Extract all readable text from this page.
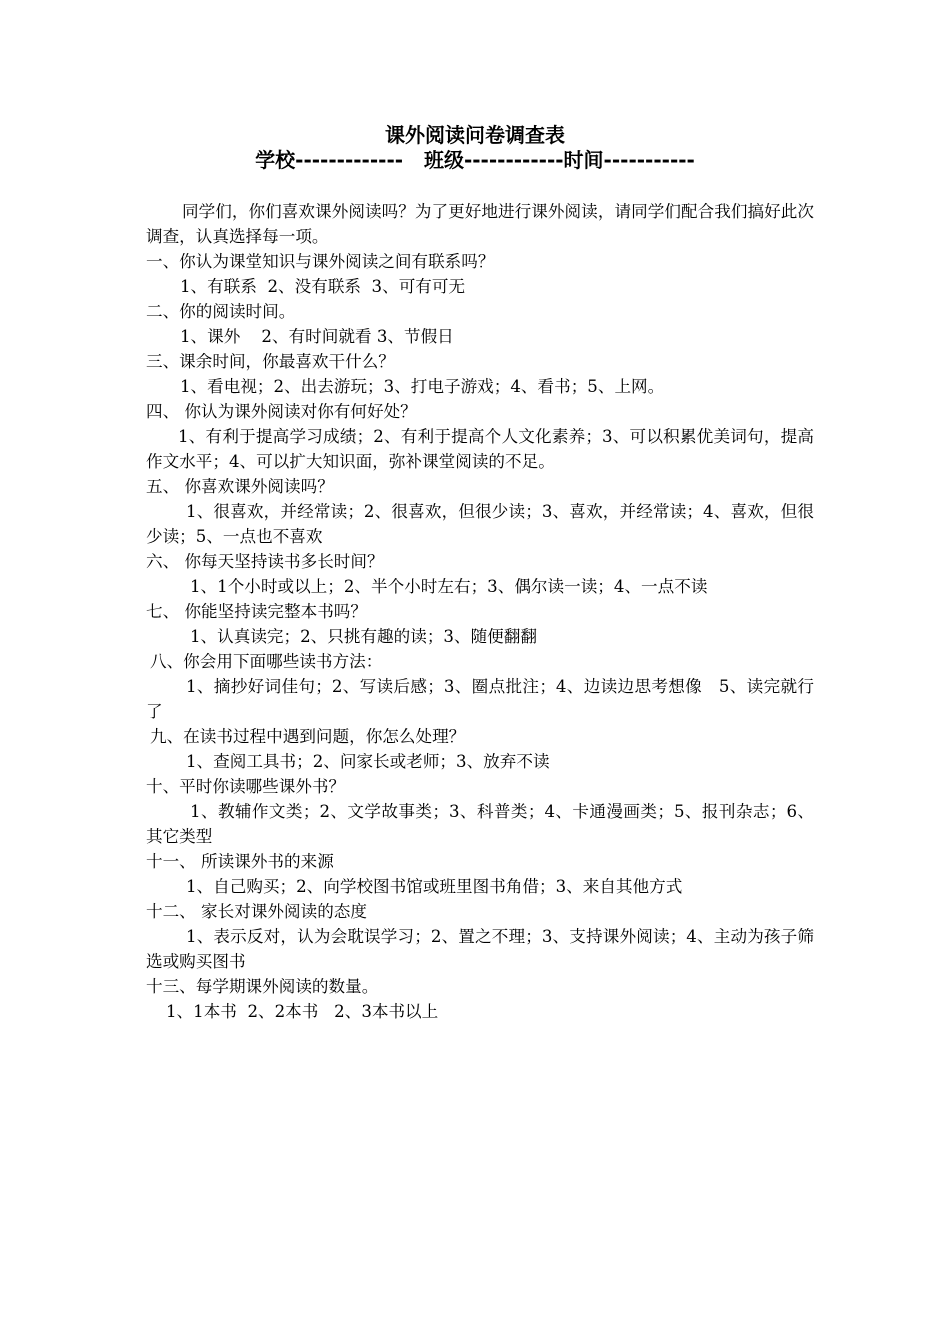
课外阅读问卷调查表
学校-------------   班级------------时间-----------

同学们，你们喜欢课外阅读吗？为了更好地进行课外阅读，请同学们配合我们搞好此次调查，认真选择每一项。

一、你认为课堂知识与课外阅读之间有联系吗？

1、有联系  2、没有联系  3、可有可无

二、你的阅读时间。

1、课外    2、有时间就看 3、节假日

三、课余时间，你最喜欢干什么？

1、看电视；2、出去游玩；3、打电子游戏；4、看书；5、上网。

四、 你认为课外阅读对你有何好处？

1、有利于提高学习成绩；2、有利于提高个人文化素养；3、可以积累优美词句，提高作文水平；4、可以扩大知识面，弥补课堂阅读的不足。

五、 你喜欢课外阅读吗？

1、很喜欢，并经常读；2、很喜欢，但很少读；3、喜欢，并经常读；4、喜欢，但很少读；5、一点也不喜欢

六、 你每天坚持读书多长时间？

1、1个小时或以上；2、半个小时左右；3、偶尔读一读；4、一点不读

七、 你能坚持读完整本书吗？

1、认真读完；2、只挑有趣的读；3、随便翻翻

八、你会用下面哪些读书方法：

1、摘抄好词佳句；2、写读后感；3、圈点批注；4、边读边思考想像   5、读完就行了

九、在读书过程中遇到问题，你怎么处理？

1、查阅工具书；2、问家长或老师；3、放弃不读

十、平时你读哪些课外书？

1、教辅作文类；2、文学故事类；3、科普类；4、卡通漫画类；5、报刊杂志；6、其它类型

十一、 所读课外书的来源

1、自己购买；2、向学校图书馆或班里图书角借；3、来自其他方式

十二、 家长对课外阅读的态度

1、表示反对，认为会耽误学习；2、置之不理；3、支持课外阅读；4、主动为孩子筛选或购买图书

十三、每学期课外阅读的数量。

1、1本书  2、2本书   2、3本书以上
